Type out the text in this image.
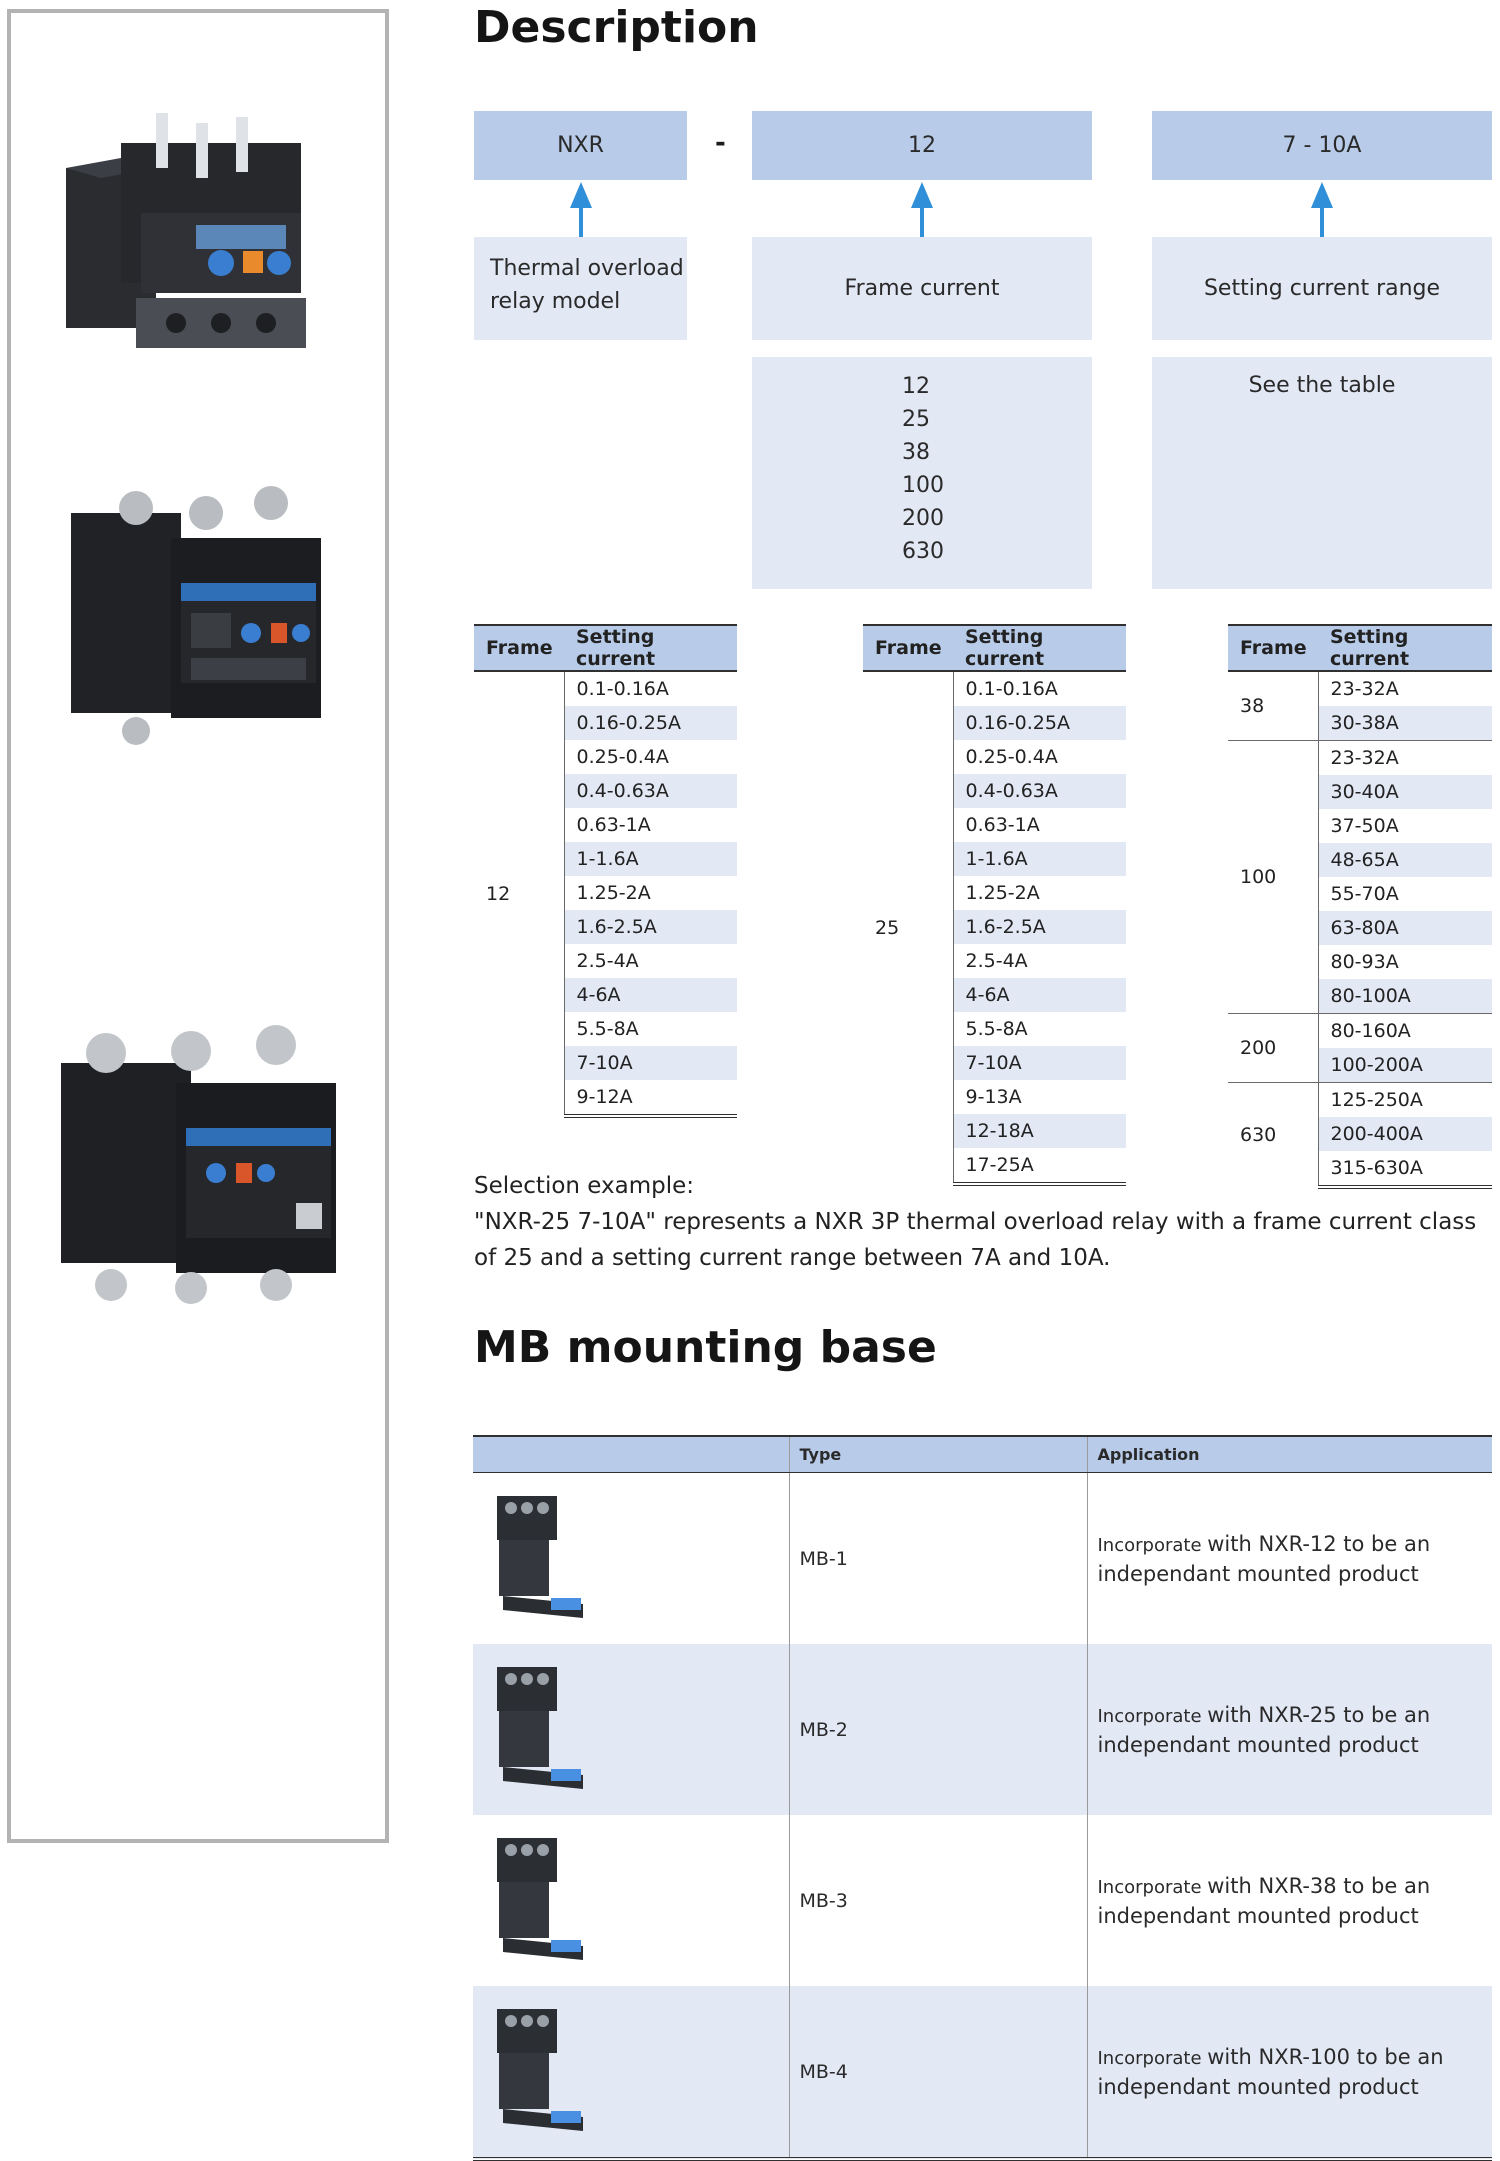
Description
NXR	-	12	7 - 10A
Thermal overload relay model
Frame current	Setting current range
12
25
38
100
200
630
See the table
Frame	Setting current
12	0.1-0.16A
	0.16-0.25A
	0.25-0.4A
	0.4-0.63A
	0.63-1A
	1-1.6A
	1.25-2A
	1.6-2.5A
	2.5-4A
	4-6A
	5.5-8A
	7-10A
	9-12A
Frame	Setting current
25	0.1-0.16A
	0.16-0.25A
	0.25-0.4A
	0.4-0.63A
	0.63-1A
	1-1.6A
	1.25-2A
	1.6-2.5A
	2.5-4A
	4-6A
	5.5-8A
	7-10A
	9-13A
	12-18A
	17-25A
Frame	Setting current
38	23-32A
	30-38A
100	23-32A
	30-40A
	37-50A
	48-65A
	55-70A
	63-80A
	80-93A
	80-100A
200	80-160A
	100-200A
630	125-250A
	200-400A
	315-630A
Selection example:
"NXR-25 7-10A" represents a NXR 3P thermal overload relay with a frame current class of 25 and a setting current range between 7A and 10A.
MB mounting base
	Type	Application
	MB-1	Incorporate with NXR-12 to be an independant mounted product
	MB-2	Incorporate with NXR-25 to be an independant mounted product
	MB-3	Incorporate with NXR-38 to be an independant mounted product
	MB-4	Incorporate with NXR-100 to be an independant mounted product
